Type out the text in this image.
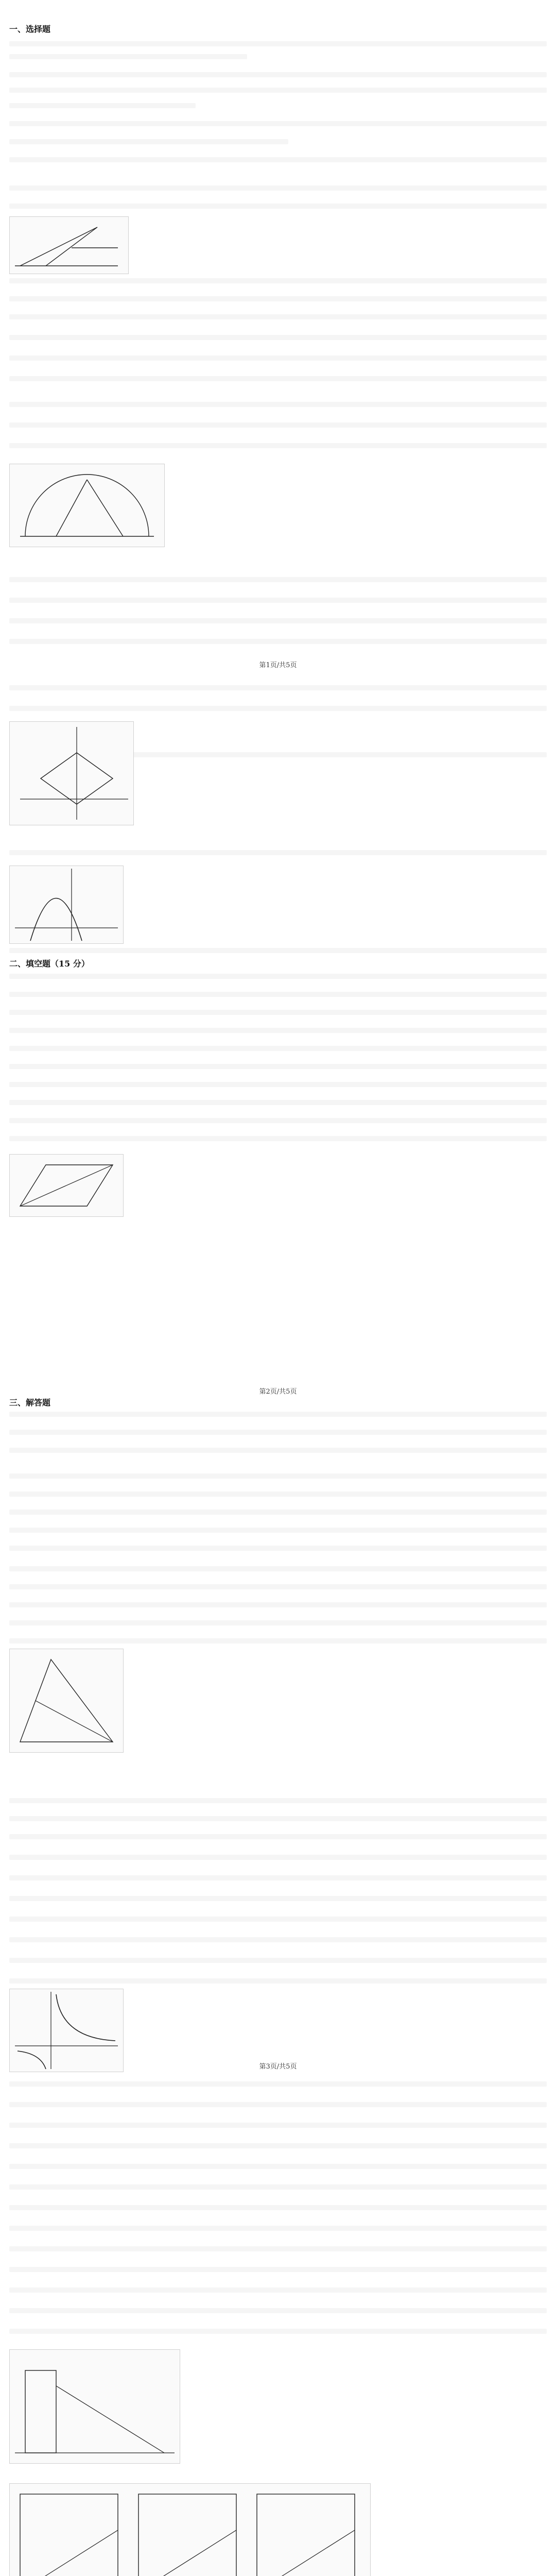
一、选择题
二、填空题（15 分）
三、解答题
第1页/共5页
第2页/共5页
第3页/共5页
